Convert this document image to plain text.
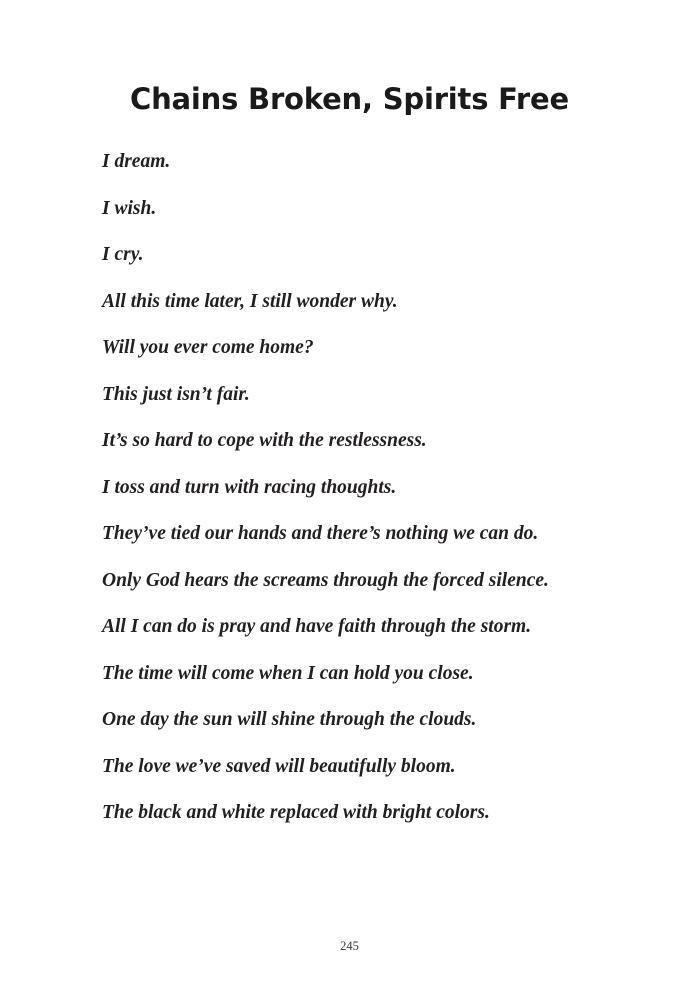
Chains Broken, Spirits Free

I dream.

I wish.

I cry.

All this time later, I still wonder why.

Will you ever come home?

This just isn’t fair.

It’s so hard to cope with the restlessness.

I toss and turn with racing thoughts.

They’ve tied our hands and there’s nothing we can do.

Only God hears the screams through the forced silence.

All I can do is pray and have faith through the storm.

The time will come when I can hold you close.

One day the sun will shine through the clouds.

The love we’ve saved will beautifully bloom.

The black and white replaced with bright colors.

245
